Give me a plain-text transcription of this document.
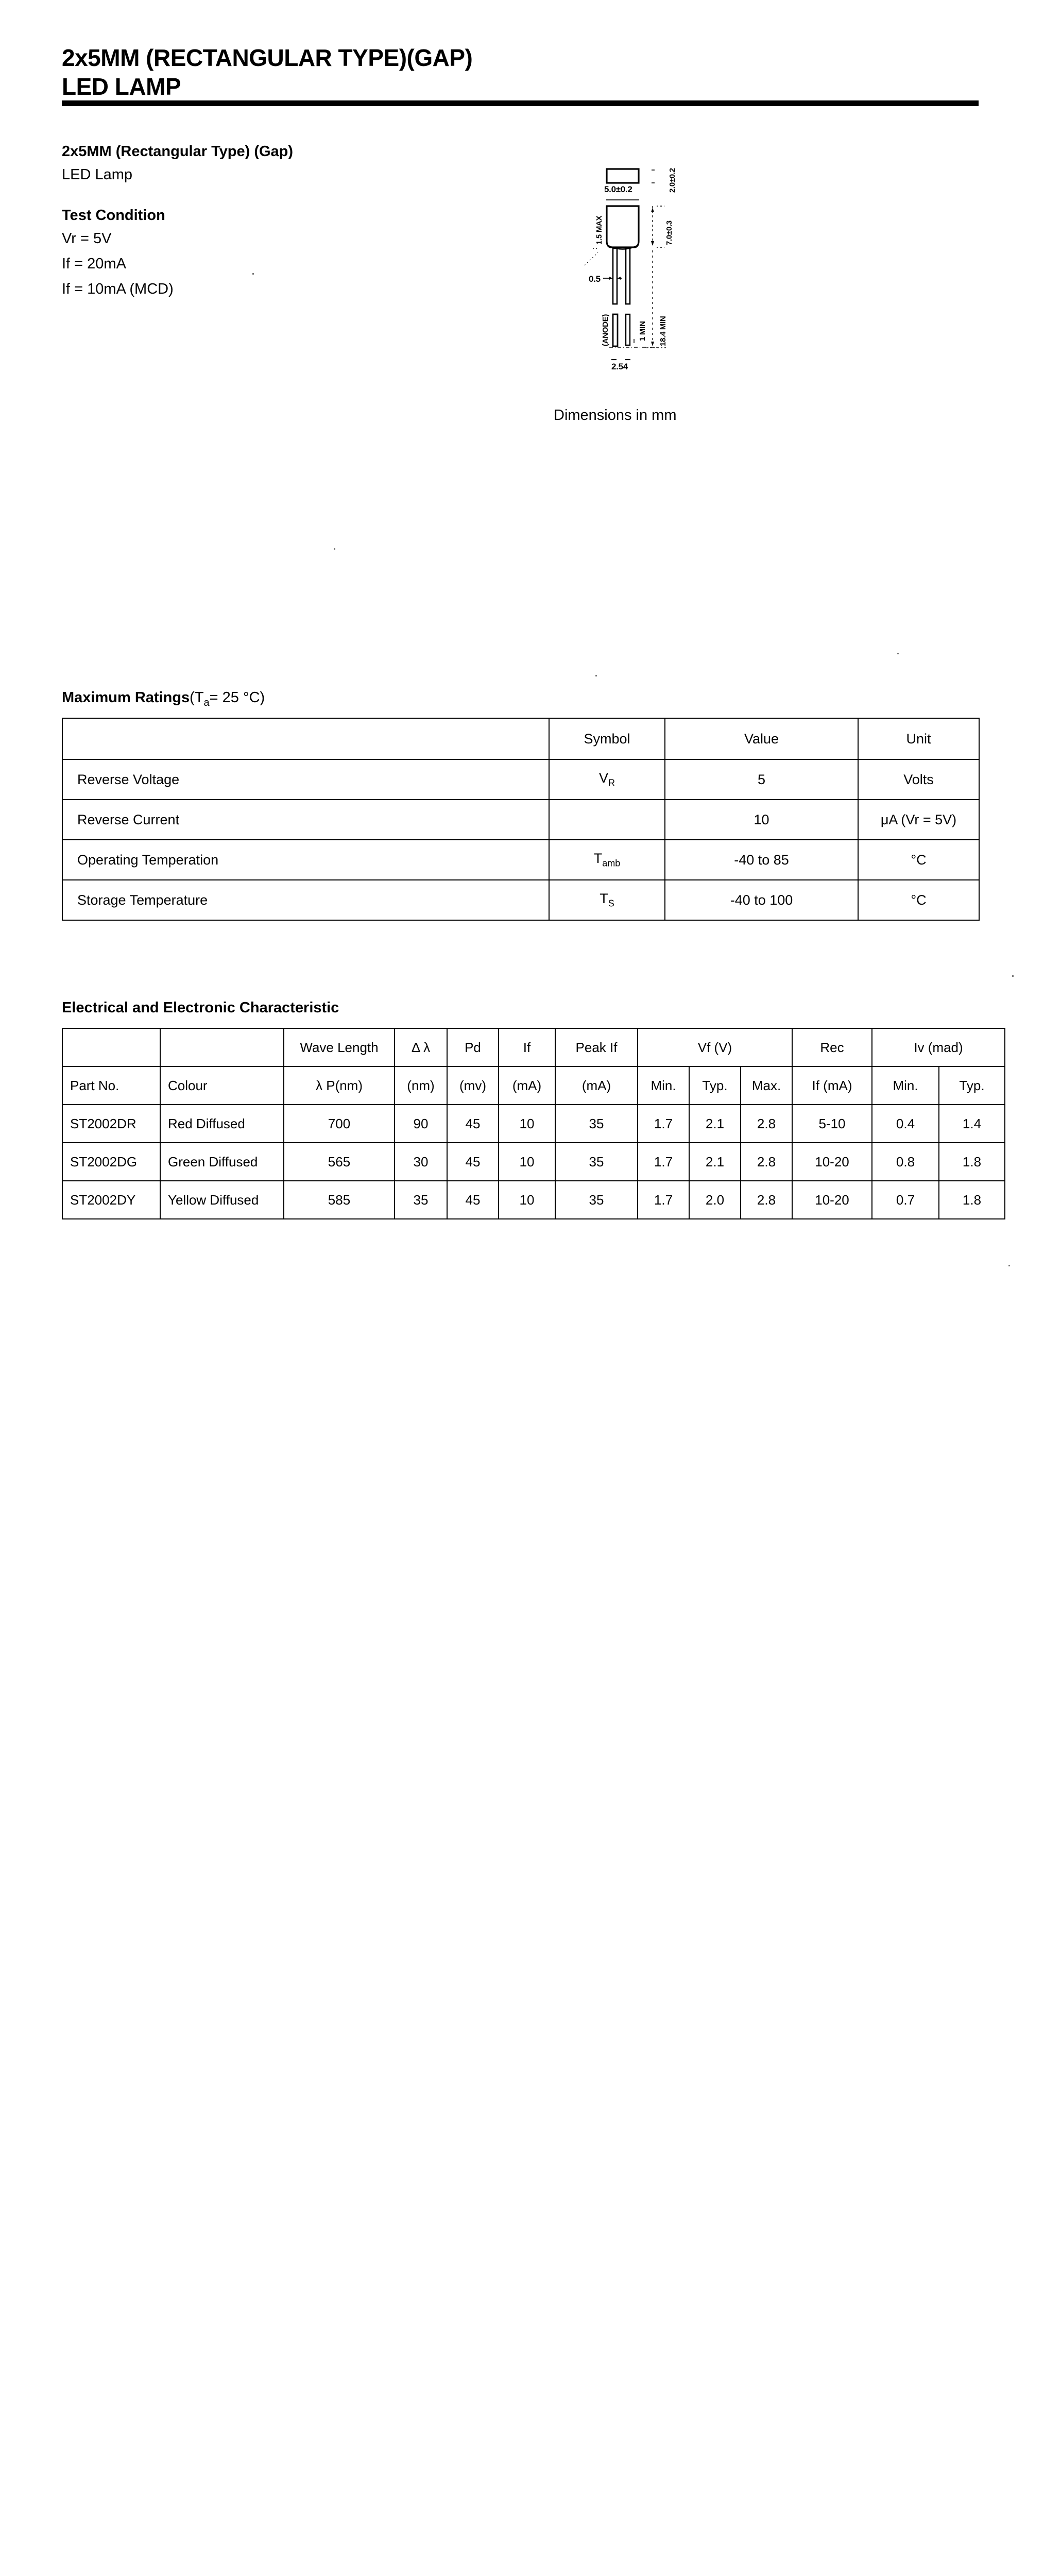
2x5MM (RECTANGULAR TYPE)(GAP)
LED LAMP
2x5MM (Rectangular Type) (Gap)
LED Lamp
Test Condition
Vr = 5V
If = 20mA
If = 10mA (MCD)
5.0±0.2	2.0±0.2
7.0±0.3
1.5 MAX
0.5
18.4 MIN
1 MIN
(ANODE)
2.54
Dimensions in mm
Maximum $Ratings(T_a= 25$ °C)
	Symbol	Value	Unit
Reverse Voltage	$V_R$	5	Volts
Reverse Current		10	μA (Vr = 5V)
Operating Temperation	$T_{amb}$	-40 to 85	°C
Storage Temperature	$T_S$	-40 to 100	°C
Electrical and Electronic Characteristic
		Wave Length	Δ λ	Pd	If	Peak If	Vf (V)			Rec	Iv (mad)	
Part No.	Colour	λ P(nm)	(nm)	(mv)	(mA)	(mA)	Min.	Typ.	Max.	If (mA)	Min.	Typ.
ST2002DR	Red Diffused	700	90	45	10	35	1.7	2.1	2.8	5-10	0.4	1.4
ST2002DG	Green Diffused	565	30	45	10	35	1.7	2.1	2.8	10-20	0.8	1.8
ST2002DY	Yellow Diffused	585	35	45	10	35	1.7	2.0	2.8	10-20	0.7	1.8
